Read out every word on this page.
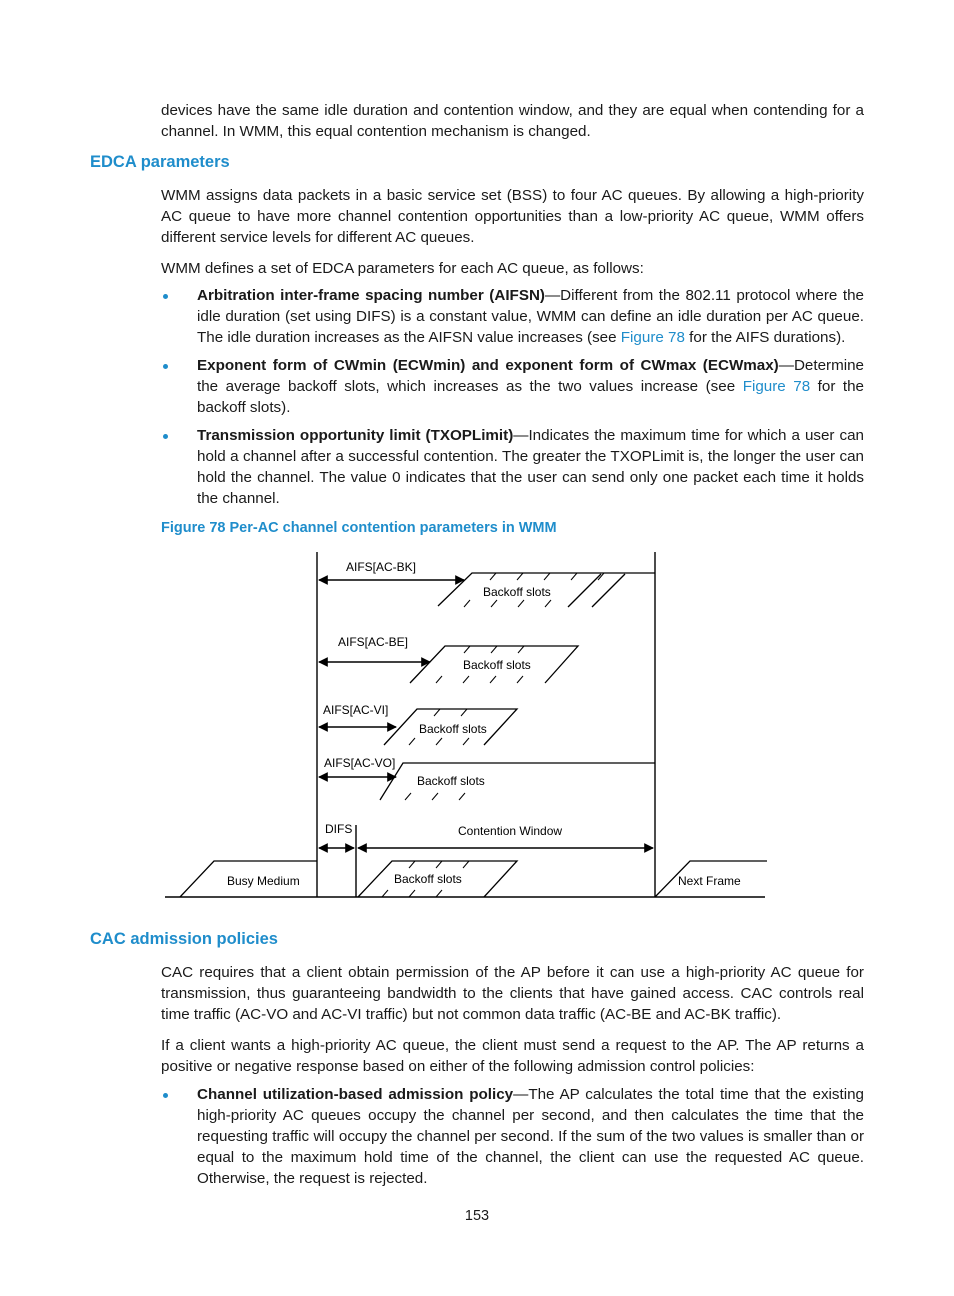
devices have the same idle duration and contention window, and they are equal when contending for a channel. In WMM, this equal contention mechanism is changed.

EDCA parameters

WMM assigns data packets in a basic service set (BSS) to four AC queues. By allowing a high-priority AC queue to have more channel contention opportunities than a low-priority AC queue, WMM offers different service levels for different AC queues.

WMM defines a set of EDCA parameters for each AC queue, as follows:

Arbitration inter-frame spacing number (AIFSN)—Different from the 802.11 protocol where the idle duration (set using DIFS) is a constant value, WMM can define an idle duration per AC queue. The idle duration increases as the AIFSN value increases (see Figure 78 for the AIFS durations).

Exponent form of CWmin (ECWmin) and exponent form of CWmax (ECWmax)—Determine the average backoff slots, which increases as the two values increase (see Figure 78 for the backoff slots).

Transmission opportunity limit (TXOPLimit)—Indicates the maximum time for which a user can hold a channel after a successful contention. The greater the TXOPLimit is, the longer the user can hold the channel. The value 0 indicates that the user can send only one packet each time it holds the channel.

Figure 78 Per-AC channel contention parameters in WMM

AIFS[AC-BK]
Backoff slots
AIFS[AC-BE]
Backoff slots
AIFS[AC-VI]
Backoff slots
AIFS[AC-VO]
Backoff slots
DIFS	Contention Window
Busy Medium	Backoff slots	Next Frame
CAC admission policies

CAC requires that a client obtain permission of the AP before it can use a high-priority AC queue for transmission, thus guaranteeing bandwidth to the clients that have gained access. CAC controls real time traffic (AC-VO and AC-VI traffic) but not common data traffic (AC-BE and AC-BK traffic).

If a client wants a high-priority AC queue, the client must send a request to the AP. The AP returns a positive or negative response based on either of the following admission control policies:

Channel utilization-based admission policy—The AP calculates the total time that the existing high-priority AC queues occupy the channel per second, and then calculates the time that the requesting traffic will occupy the channel per second. If the sum of the two values is smaller than or equal to the maximum hold time of the channel, the client can use the requested AC queue. Otherwise, the request is rejected.

153
